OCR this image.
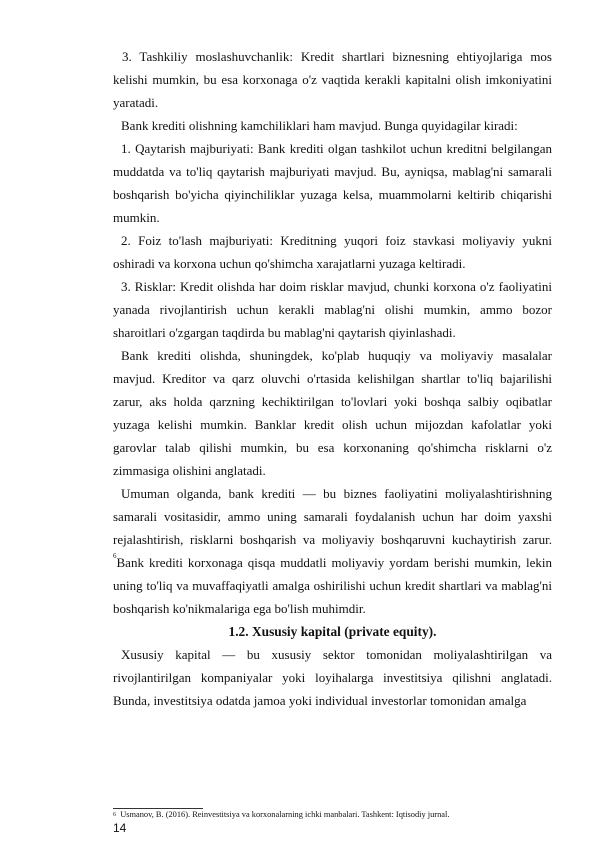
3. Tashkiliy moslashuvchanlik: Kredit shartlari biznesning ehtiyojlariga mos kelishi mumkin, bu esa korxonaga o'z vaqtida kerakli kapitalni olish imkoniyatini yaratadi.

Bank krediti olishning kamchiliklari ham mavjud. Bunga quyidagilar kiradi:

1. Qaytarish majburiyati: Bank krediti olgan tashkilot uchun kreditni belgilangan muddatda va to'liq qaytarish majburiyati mavjud. Bu, ayniqsa, mablag'ni samarali boshqarish bo'yicha qiyinchiliklar yuzaga kelsa, muammolarni keltirib chiqarishi mumkin.

2. Foiz to'lash majburiyati: Kreditning yuqori foiz stavkasi moliyaviy yukni oshiradi va korxona uchun qo'shimcha xarajatlarni yuzaga keltiradi.

3. Risklar: Kredit olishda har doim risklar mavjud, chunki korxona o'z faoliyatini yanada rivojlantirish uchun kerakli mablag'ni olishi mumkin, ammo bozor sharoitlari o'zgargan taqdirda bu mablag'ni qaytarish qiyinlashadi.

Bank krediti olishda, shuningdek, ko'plab huquqiy va moliyaviy masalalar mavjud. Kreditor va qarz oluvchi o'rtasida kelishilgan shartlar to'liq bajarilishi zarur, aks holda qarzning kechiktirilgan to'lovlari yoki boshqa salbiy oqibatlar yuzaga kelishi mumkin. Banklar kredit olish uchun mijozdan kafolatlar yoki garovlar talab qilishi mumkin, bu esa korxonaning qo'shimcha risklarni o'z zimmasiga olishini anglatadi.

Umuman olganda, bank krediti — bu biznes faoliyatini moliyalashtirishning samarali vositasidir, ammo uning samarali foydalanish uchun har doim yaxshi rejalashtirish, risklarni boshqarish va moliyaviy boshqaruvni kuchaytirish zarur. $^6$Bank krediti korxonaga qisqa muddatli moliyaviy yordam berishi mumkin, lekin uning to'liq va muvaffaqiyatli amalga oshirilishi uchun kredit shartlari va mablag'ni boshqarish ko'nikmalariga ega bo'lish muhimdir.

1.2. Xususiy kapital (private equity).

Xususiy kapital — bu xususiy sektor tomonidan moliyalashtirilgan va rivojlantirilgan kompaniyalar yoki loyihalarga investitsiya qilishni anglatadi. Bunda, investitsiya odatda jamoa yoki individual investorlar tomonidan amalga

$^6$ Usmanov, B. (2016). Reinvestitsiya va korxonalarning ichki manbalari. Tashkent: Iqtisodiy jurnal.

14
